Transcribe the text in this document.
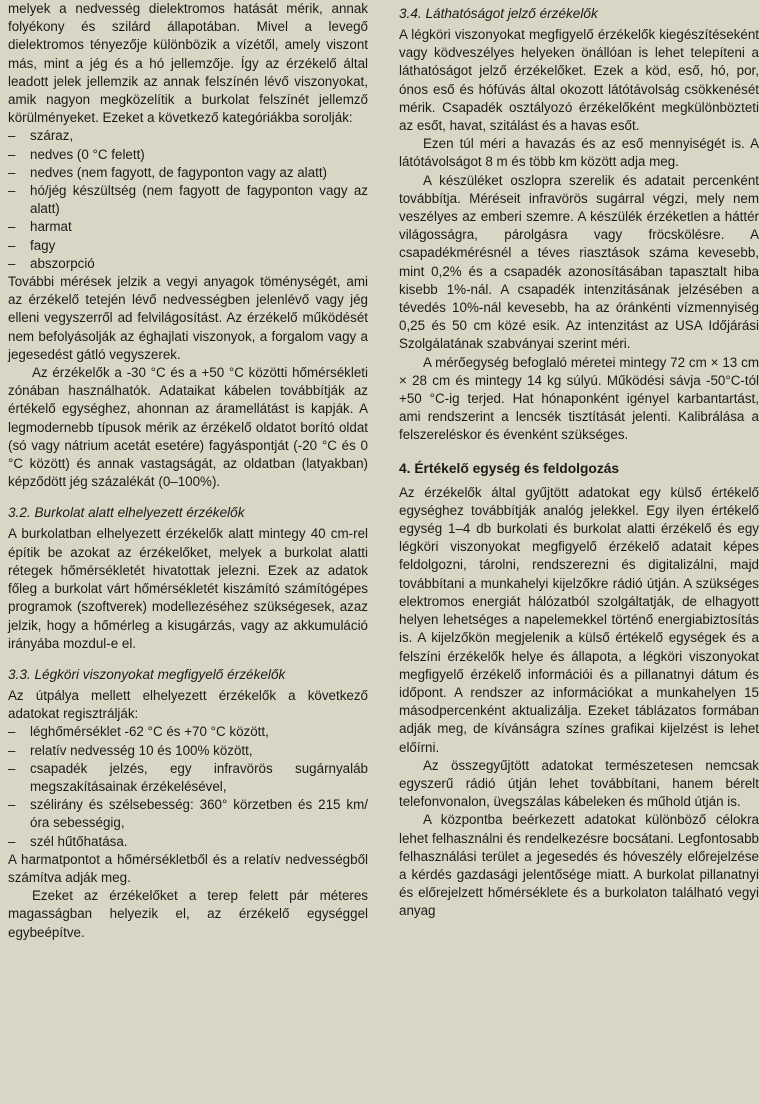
melyek a nedvesség dielektromos hatását mérik, annak folyékony és szilárd állapotában. Mivel a levegő dielektromos tényezője különbözik a vízétől, amely viszont más, mint a jég és a hó jellemzője. Így az érzékelő által leadott jelek jellemzik az annak felszínén lévő viszonyokat, amik nagyon megközelítik a burkolat felszínét jellemző körülményeket. Ezeket a következő kategóriákba sorolják:

– száraz,
– nedves (0 °C felett)
– nedves (nem fagyott, de fagyponton vagy az alatt)
– hó/jég készültség (nem fagyott de fagyponton vagy az alatt)
– harmat
– fagy
– abszorpció

További mérések jelzik a vegyi anyagok töménységét, ami az érzékelő tetején lévő nedvességben jelenlévő vagy jég elleni vegyszerről ad felvilágosítást. Az érzékelő működését nem befolyásolják az éghajlati viszonyok, a forgalom vagy a jegesedést gátló vegyszerek.

Az érzékelők a -30 °C és a +50 °C közötti hőmérsékleti zónában használhatók. Adataikat kábelen továbbítják az értékelő egységhez, ahonnan az áramellátást is kapják. A legmodernebb típusok mérik az érzékelő oldatot borító oldat (só vagy nátrium acetát esetére) fagyáspontját (-20 °C és 0 °C között) és annak vastagságát, az oldatban (latyakban) képződött jég százalékát (0–100%).

3.2. Burkolat alatt elhelyezett érzékelők

A burkolatban elhelyezett érzékelők alatt mintegy 40 cm-rel építik be azokat az érzékelőket, melyek a burkolat alatti rétegek hőmérsékletét hivatottak jelezni. Ezek az adatok főleg a burkolat várt hőmérsékletét kiszámító számítógépes programok (szoftverek) modellezéséhez szükségesek, azaz jelzik, hogy a hőmérleg a kisugárzás, vagy az akkumuláció irányába mozdul-e el.

3.3. Légköri viszonyokat megfigyelő érzékelők

Az útpálya mellett elhelyezett érzékelők a következő adatokat regisztrálják:

– léghőmérséklet -62 °C és +70 °C között,
– relatív nedvesség 10 és 100% között,
– csapadék jelzés, egy infravörös sugárnyaláb megszakításainak érzékelésével,
– szélirány és szélsebesség: 360° körzetben és 215 km/óra sebességig,
– szél hűtőhatása.

A harmatpontot a hőmérsékletből és a relatív nedvességből számítva adják meg.

Ezeket az érzékelőket a terep felett pár méteres magasságban helyezik el, az érzékelő egységgel egybeépítve.

3.4. Láthatóságot jelző érzékelők

A légköri viszonyokat megfigyelő érzékelők kiegészítéseként vagy ködveszélyes helyeken önállóan is lehet telepíteni a láthatóságot jelző érzékelőket. Ezek a köd, eső, hó, por, ónos eső és hófúvás által okozott látótávolság csökkenését mérik. Csapadék osztályozó érzékelőként megkülönbözteti az esőt, havat, szitálást és a havas esőt.

Ezen túl méri a havazás és az eső mennyiségét is. A látótávolságot 8 m és több km között adja meg.

A készüléket oszlopra szerelik és adatait percenként továbbítja. Méréseit infravörös sugárral végzi, mely nem veszélyes az emberi szemre. A készülék érzéketlen a háttér világosságra, párolgásra vagy fröcskölésre. A csapadékmérésnél a téves riasztások száma kevesebb, mint 0,2% és a csapadék azonosításában tapasztalt hiba kisebb 1%-nál. A csapadék intenzitásának jelzésében a tévedés 10%-nál kevesebb, ha az óránkénti vízmennyiség 0,25 és 50 cm közé esik. Az intenzitást az USA Időjárási Szolgálatának szabványai szerint méri.

A mérőegység befoglaló méretei mintegy 72 cm × 13 cm × 28 cm és mintegy 14 kg súlyú. Működési sávja -50°C-tól +50 °C-ig terjed. Hat hónaponként igényel karbantartást, ami rendszerint a lencsék tisztítását jelenti. Kalibrálása a felszereléskor és évenként szükséges.

4. Értékelő egység és feldolgozás

Az érzékelők által gyűjtött adatokat egy külső értékelő egységhez továbbítják analóg jelekkel. Egy ilyen értékelő egység 1–4 db burkolati és burkolat alatti érzékelő és egy légköri viszonyokat megfigyelő érzékelő adatait képes feldolgozni, tárolni, rendszerezni és digitalizálni, majd továbbítani a munkahelyi kijelzőkre rádió útján. A szükséges elektromos energiát hálózatból szolgáltatják, de elhagyott helyen lehetséges a napelemekkel történő energiabiztosítás is. A kijelzőkön megjelenik a külső értékelő egységek és a felszíni érzékelők helye és állapota, a légköri viszonyokat megfigyelő érzékelő információi és a pillanatnyi dátum és időpont. A rendszer az információkat a munkahelyen 15 másodpercenként aktualizálja. Ezeket táblázatos formában adják meg, de kívánságra színes grafikai kijelzést is lehet előírni.

Az összegyűjtött adatokat természetesen nemcsak egyszerű rádió útján lehet továbbítani, hanem bérelt telefonvonalon, üvegszálas kábeleken és műhold útján is.

A központba beérkezett adatokat különböző célokra lehet felhasználni és rendelkezésre bocsátani. Legfontosabb felhasználási terület a jegesedés és hóveszély előrejelzése a kérdés gazdasági jelentősége miatt. A burkolat pillanatnyi és előrejelzett hőmérséklete és a burkolaton található vegyi anyag
